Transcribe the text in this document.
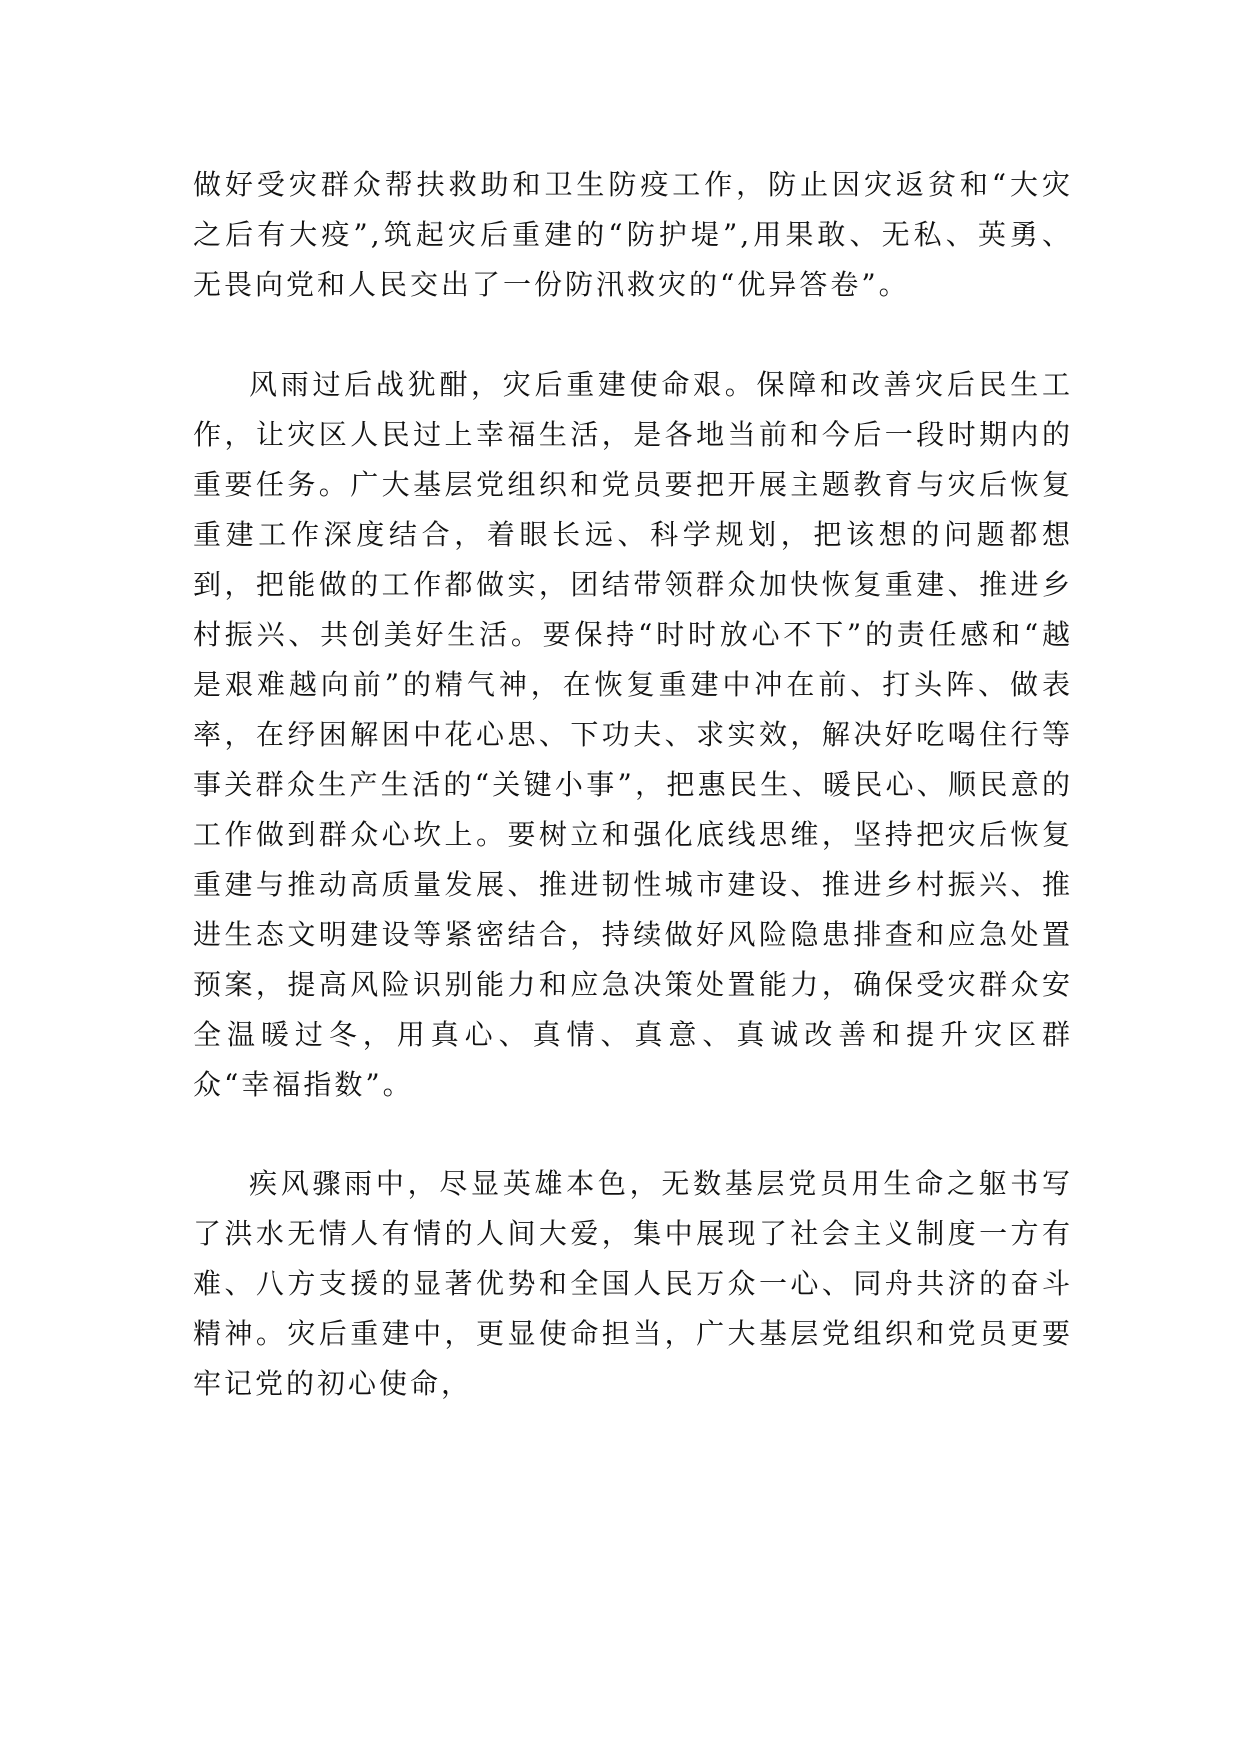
做好受灾群众帮扶救助和卫生防疫工作，防止因灾返贫和“大灾之后有大疫”,筑起灾后重建的“防护堤”,用果敢、无私、英勇、无畏向党和人民交出了一份防汛救灾的“优异答卷”。

风雨过后战犹酣，灾后重建使命艰。保障和改善灾后民生工作，让灾区人民过上幸福生活，是各地当前和今后一段时期内的重要任务。广大基层党组织和党员要把开展主题教育与灾后恢复重建工作深度结合，着眼长远、科学规划，把该想的问题都想到，把能做的工作都做实，团结带领群众加快恢复重建、推进乡村振兴、共创美好生活。要保持“时时放心不下”的责任感和“越是艰难越向前”的精气神，在恢复重建中冲在前、打头阵、做表率，在纾困解困中花心思、下功夫、求实效，解决好吃喝住行等事关群众生产生活的“关键小事”，把惠民生、暖民心、顺民意的工作做到群众心坎上。要树立和强化底线思维，坚持把灾后恢复重建与推动高质量发展、推进韧性城市建设、推进乡村振兴、推进生态文明建设等紧密结合，持续做好风险隐患排查和应急处置预案，提高风险识别能力和应急决策处置能力，确保受灾群众安全温暖过冬，用真心、真情、真意、真诚改善和提升灾区群众“幸福指数”。

疾风骤雨中，尽显英雄本色，无数基层党员用生命之躯书写了洪水无情人有情的人间大爱，集中展现了社会主义制度一方有难、八方支援的显著优势和全国人民万众一心、同舟共济的奋斗精神。灾后重建中，更显使命担当，广大基层党组织和党员更要牢记党的初心使命，
